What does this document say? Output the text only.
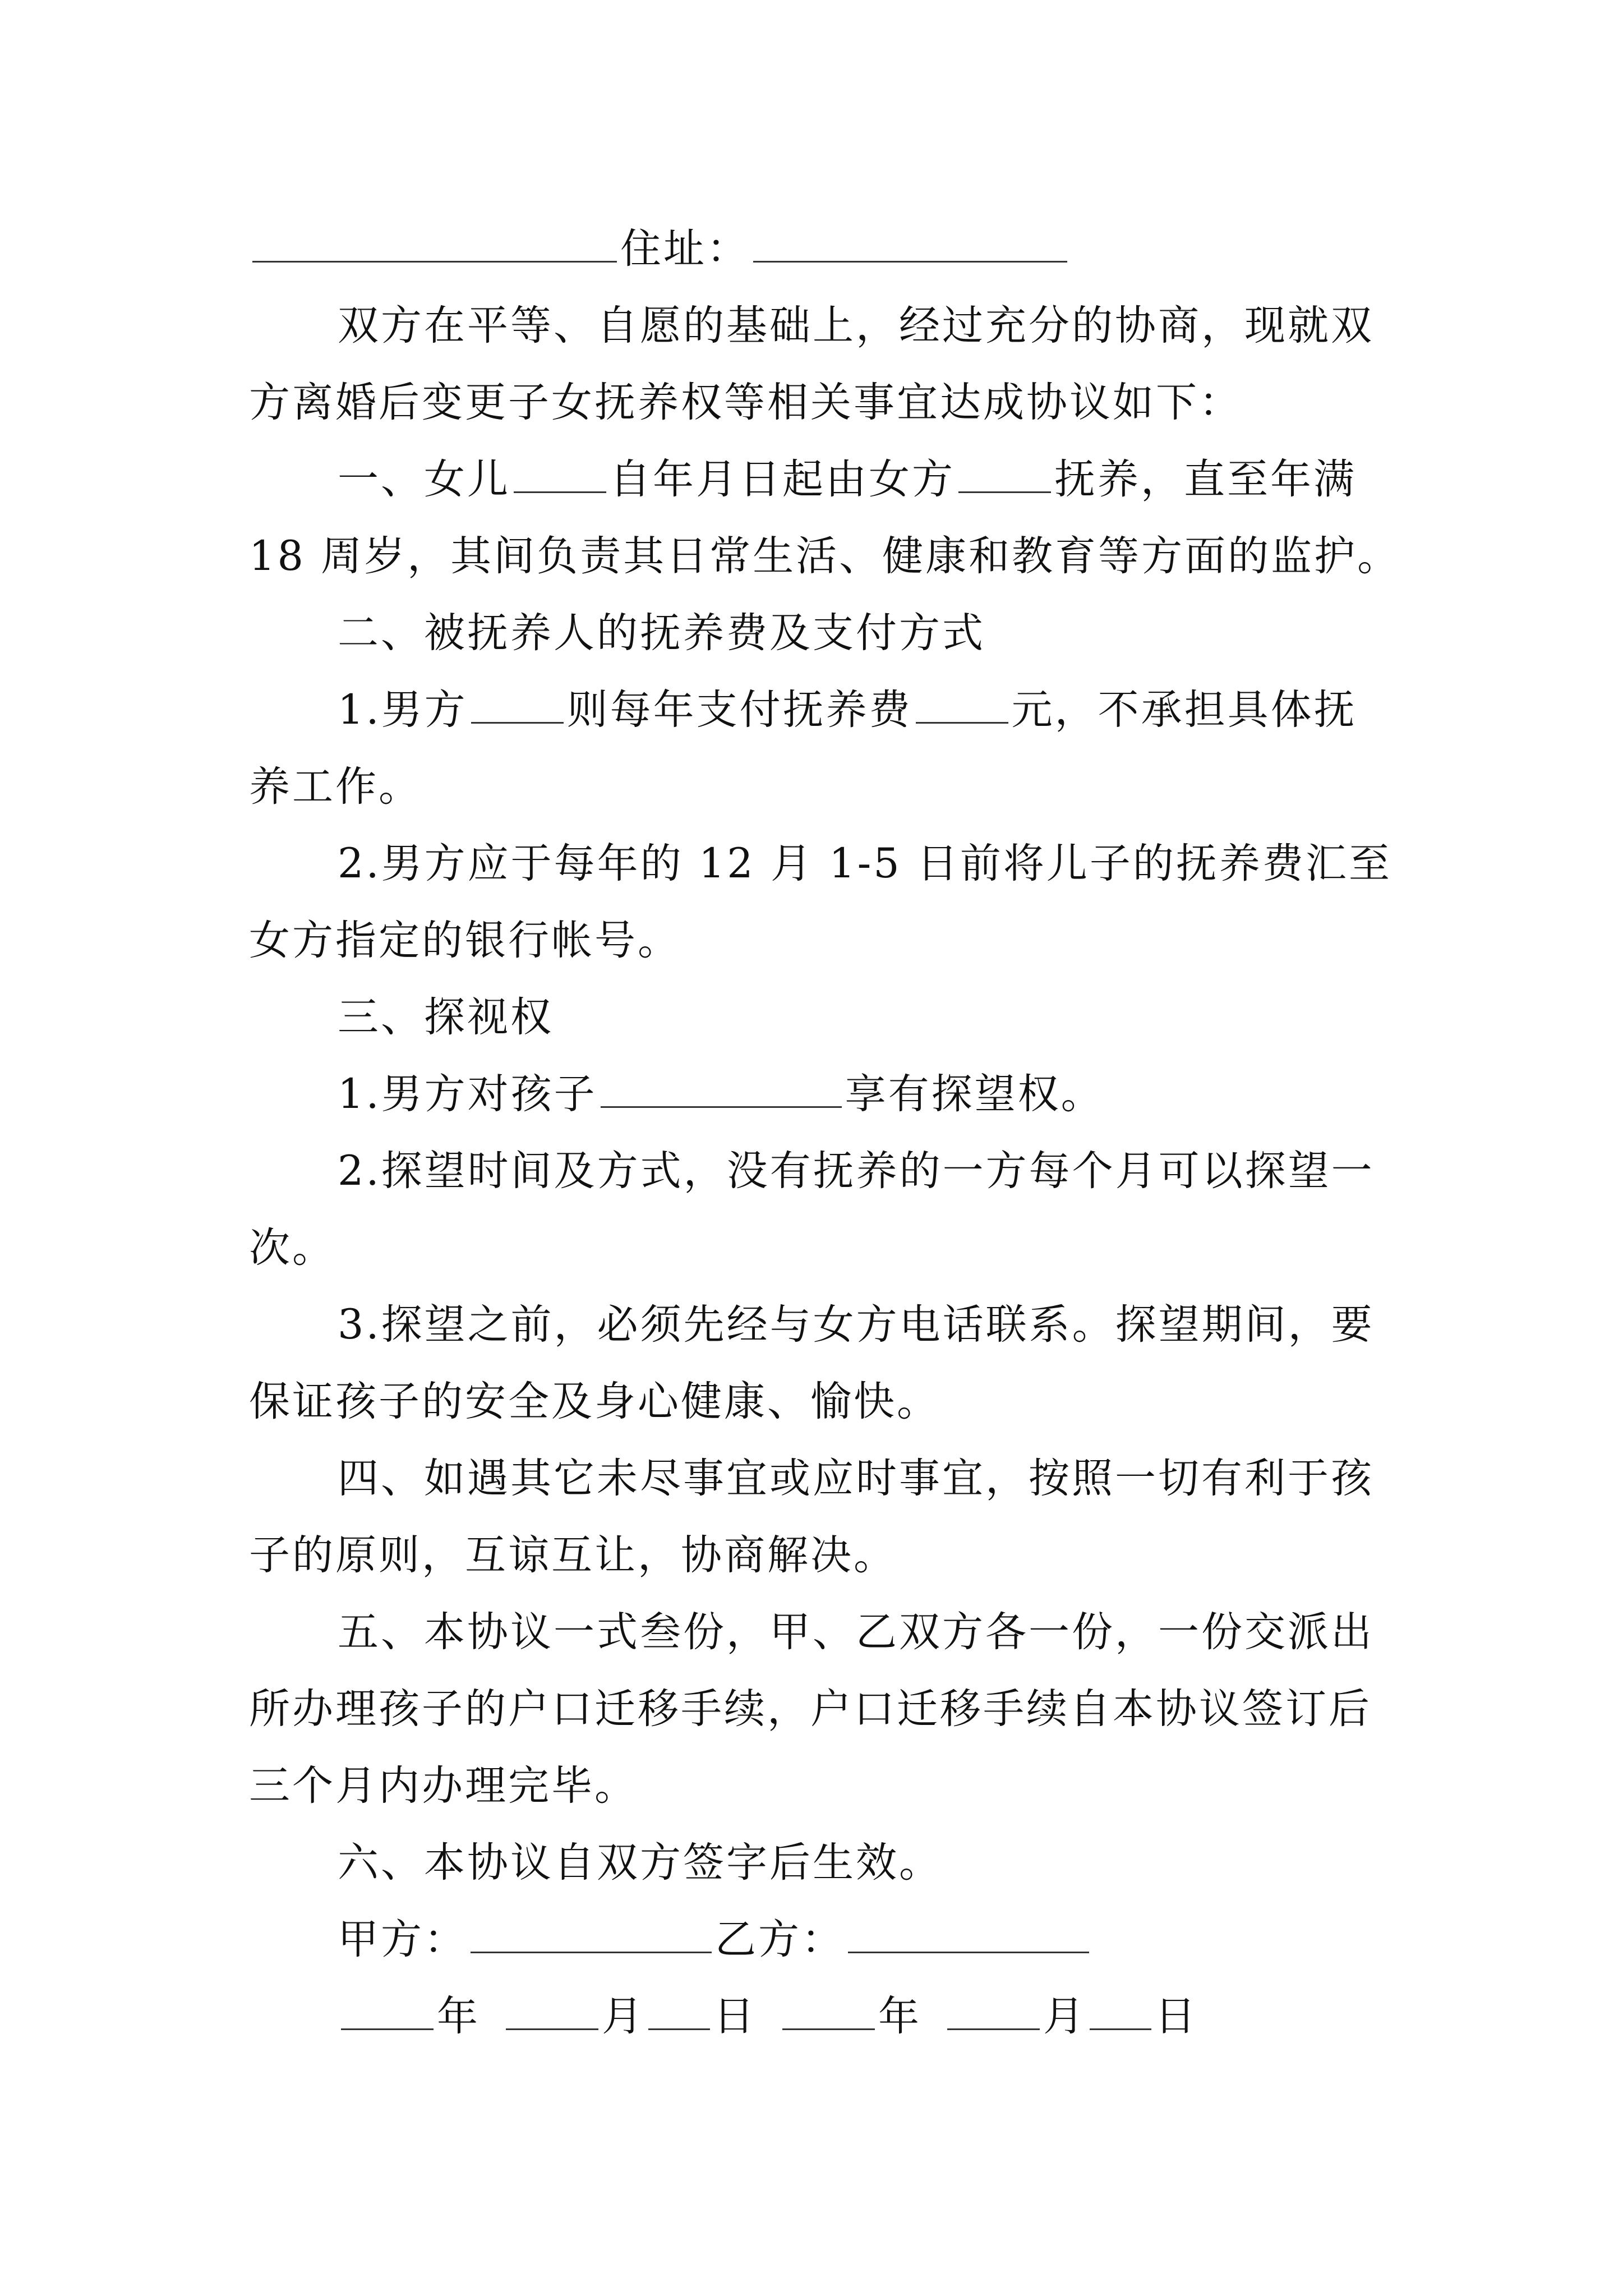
住址：
双方在平等、自愿的基础上，经过充分的协商，现就双
方离婚后变更子女抚养权等相关事宜达成协议如下：
一、女儿 自年月日起由女方 抚养，直至年满
18 周岁，其间负责其日常生活、健康和教育等方面的监护。
二、被抚养人的抚养费及支付方式
1.男方 则每年支付抚养费 元，不承担具体抚
养工作。
2.男方应于每年的 12 月 1-5 日前将儿子的抚养费汇至
女方指定的银行帐号。
三、探视权
1.男方对孩子	享有探望权。
2.探望时间及方式，没有抚养的一方每个月可以探望一
次。
3.探望之前，必须先经与女方电话联系。探望期间，要
保证孩子的安全及身心健康、愉快。
四、如遇其它未尽事宜或应时事宜，按照一切有利于孩
子的原则，互谅互让，协商解决。
五、本协议一式叁份，甲、乙双方各一份，一份交派出
所办理孩子的户口迁移手续，户口迁移手续自本协议签订后
三个月内办理完毕。
六、本协议自双方签字后生效。
甲方：	乙方：
年	月 日	年	月 日
